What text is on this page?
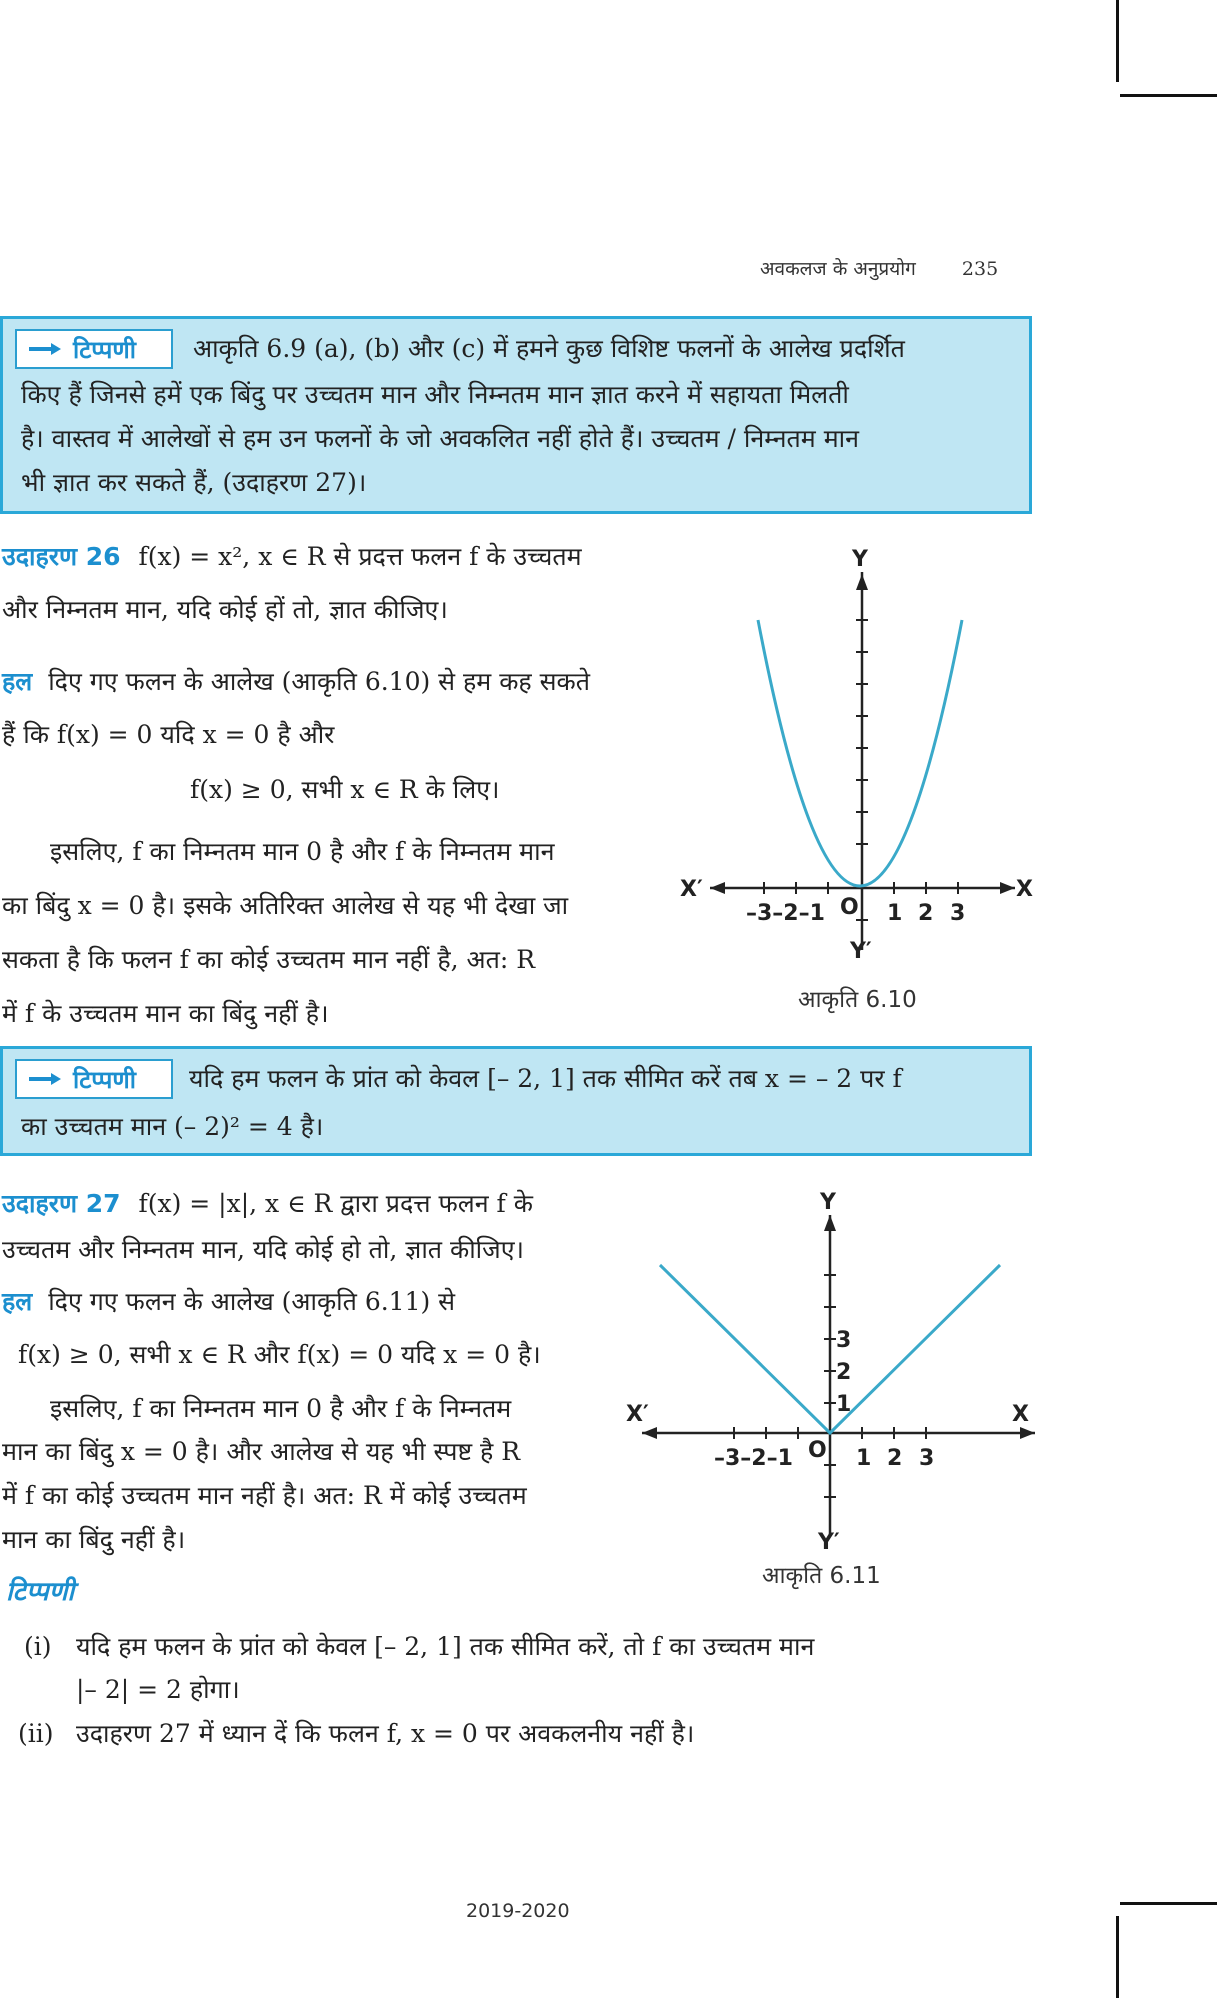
अवकलज के अनुप्रयोग 235
टिप्पणी आकृति 6.9 (a), (b) और (c) में हमने कुछ विशिष्ट फलनों के आलेख प्रदर्शित
किए हैं जिनसे हमें एक बिंदु पर उच्चतम मान और निम्नतम मान ज्ञात करने में सहायता मिलती
है। वास्तव में आलेखों से हम उन फलनों के जो अवकलित नहीं होते हैं। उच्चतम / निम्नतम मान
भी ज्ञात कर सकते हैं, (उदाहरण 27)।
उदाहरण 26 f(x) = x², x ∈ R से प्रदत्त फलन f के उच्चतम
और निम्नतम मान, यदि कोई हों तो, ज्ञात कीजिए।
हल दिए गए फलन के आलेख (आकृति 6.10) से हम कह सकते
हैं कि f(x) = 0 यदि x = 0 है और
f(x) ≥ 0, सभी x ∈ R के लिए।
इसलिए, f का निम्नतम मान 0 है और f के निम्नतम मान
का बिंदु x = 0 है। इसके अतिरिक्त आलेख से यह भी देखा जा
सकता है कि फलन f का कोई उच्चतम मान नहीं है, अत: R
में f के उच्चतम मान का बिंदु नहीं है।
Y
Y′
X
X′
O
–3–2–1	1 2 3
आकृति 6.10
टिप्पणी यदि हम फलन के प्रांत को केवल [– 2, 1] तक सीमित करें तब x = – 2 पर f
का उच्चतम मान (– 2)² = 4 है।
उदाहरण 27 f(x) = |x|, x ∈ R द्वारा प्रदत्त फलन f के
उच्चतम और निम्नतम मान, यदि कोई हो तो, ज्ञात कीजिए।
हल दिए गए फलन के आलेख (आकृति 6.11) से
f(x) ≥ 0, सभी x ∈ R और f(x) = 0 यदि x = 0 है।
इसलिए, f का निम्नतम मान 0 है और f के निम्नतम
मान का बिंदु x = 0 है। और आलेख से यह भी स्पष्ट है R
में f का कोई उच्चतम मान नहीं है। अत: R में कोई उच्चतम
मान का बिंदु नहीं है।
Y
Y′
X
X′
O
–3–2–1	1 2 3
1
2
3
आकृति 6.11
टिप्पणी
(i) यदि हम फलन के प्रांत को केवल [– 2, 1] तक सीमित करें, तो f का उच्चतम मान
|– 2| = 2 होगा।
(ii) उदाहरण 27 में ध्यान दें कि फलन f, x = 0 पर अवकलनीय नहीं है।
2019-2020
